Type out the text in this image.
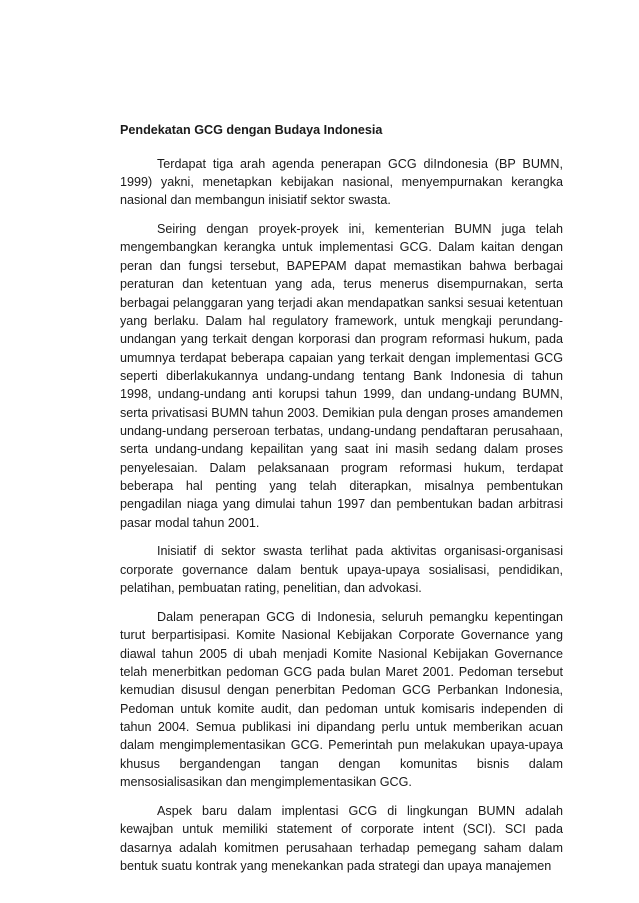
Pendekatan GCG dengan Budaya Indonesia

Terdapat tiga arah agenda penerapan GCG diIndonesia (BP BUMN, 1999) yakni, menetapkan kebijakan nasional, menyempurnakan kerangka nasional dan membangun inisiatif sektor swasta.

Seiring dengan proyek-proyek ini, kementerian BUMN juga telah mengembangkan kerangka untuk implementasi GCG. Dalam kaitan dengan peran dan fungsi tersebut, BAPEPAM dapat memastikan bahwa berbagai peraturan dan ketentuan yang ada, terus menerus disempurnakan, serta berbagai pelanggaran yang terjadi akan mendapatkan sanksi sesuai ketentuan yang berlaku. Dalam hal regulatory framework, untuk mengkaji perundang-undangan yang terkait dengan korporasi dan program reformasi hukum, pada umumnya terdapat beberapa capaian yang terkait dengan implementasi GCG seperti diberlakukannya undang-undang tentang Bank Indonesia di tahun 1998, undang-undang anti korupsi tahun 1999, dan undang-undang BUMN, serta privatisasi BUMN tahun 2003. Demikian pula dengan proses amandemen undang-undang perseroan terbatas, undang-undang pendaftaran perusahaan, serta undang-undang kepailitan yang saat ini masih sedang dalam proses penyelesaian. Dalam pelaksanaan program reformasi hukum, terdapat beberapa hal penting yang telah diterapkan, misalnya pembentukan pengadilan niaga yang dimulai tahun 1997 dan pembentukan badan arbitrasi pasar modal tahun 2001.

Inisiatif di sektor swasta terlihat pada aktivitas organisasi-organisasi corporate governance dalam bentuk upaya-upaya sosialisasi, pendidikan, pelatihan, pembuatan rating, penelitian, dan advokasi.

Dalam penerapan GCG di Indonesia, seluruh pemangku kepentingan turut berpartisipasi. Komite Nasional Kebijakan Corporate Governance yang diawal tahun 2005 di ubah menjadi Komite Nasional Kebijakan Governance telah menerbitkan pedoman GCG pada bulan Maret 2001. Pedoman tersebut kemudian disusul dengan penerbitan Pedoman GCG Perbankan Indonesia, Pedoman untuk komite audit, dan pedoman untuk komisaris independen di tahun 2004. Semua publikasi ini dipandang perlu untuk memberikan acuan dalam mengimplementasikan GCG. Pemerintah pun melakukan upaya-upaya khusus bergandengan tangan dengan komunitas bisnis dalam mensosialisasikan dan mengimplementasikan GCG.

Aspek baru dalam implentasi GCG di lingkungan BUMN adalah kewajban untuk memiliki statement of corporate intent (SCI). SCI pada dasarnya adalah komitmen perusahaan terhadap pemegang saham dalam bentuk suatu kontrak yang menekankan pada strategi dan upaya manajemen
